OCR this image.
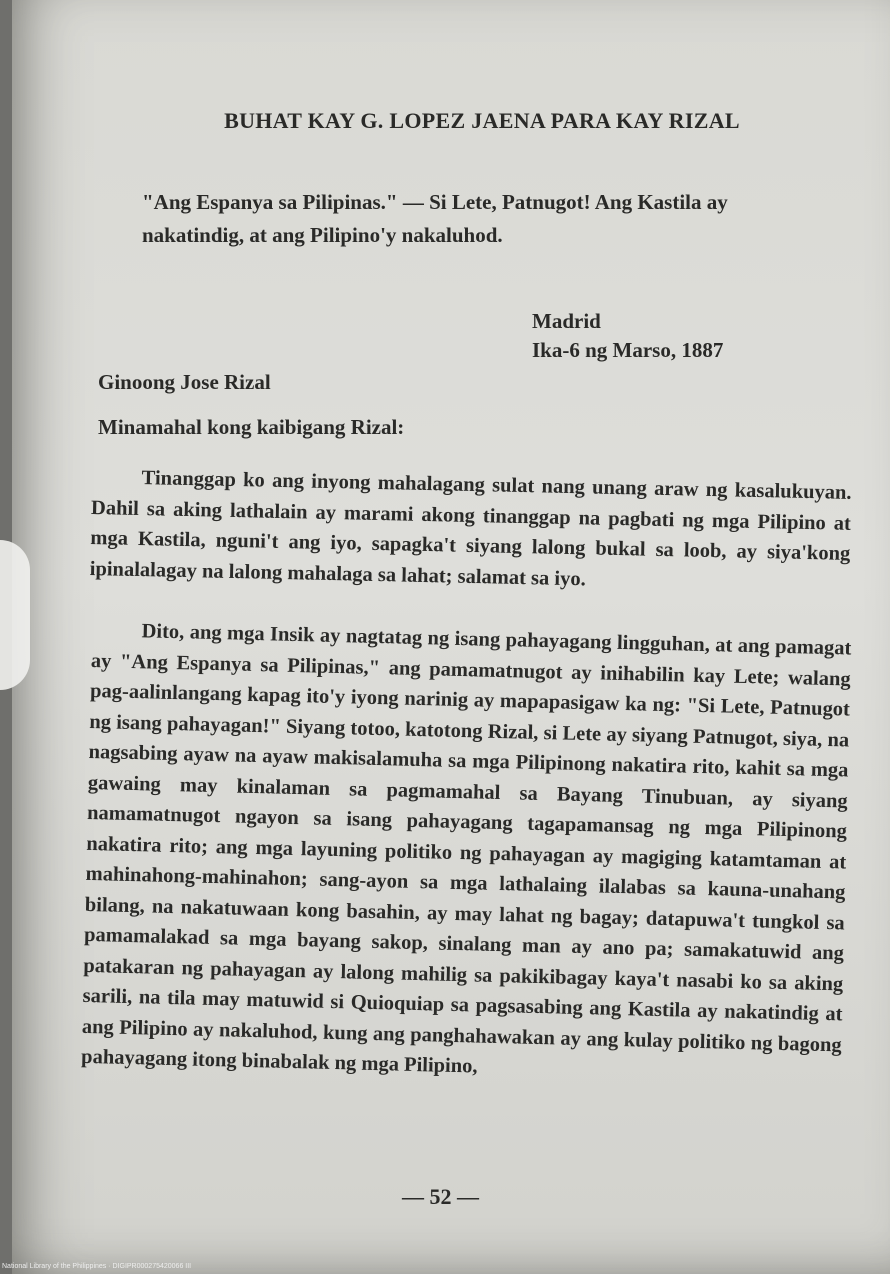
BUHAT KAY G. LOPEZ JAENA PARA KAY RIZAL
"Ang Espanya sa Pilipinas." — Si Lete, Patnugot! Ang Kastila ay nakatindig, at ang Pilipino'y nakaluhod.
Madrid
Ika-6 ng Marso, 1887
Ginoong Jose Rizal
Minamahal kong kaibigang Rizal:
Tinanggap ko ang inyong mahalagang sulat nang unang araw ng kasalukuyan. Dahil sa aking lathalain ay marami akong tinanggap na pagbati ng mga Pilipino at mga Kastila, nguni't ang iyo, sapagka't siyang lalong bukal sa loob, ay siya'kong ipinalalagay na lalong mahalaga sa lahat; salamat sa iyo.
Dito, ang mga Insik ay nagtatag ng isang pahayagang lingguhan, at ang pamagat ay "Ang Espanya sa Pilipinas," ang pamamatnugot ay inihabilin kay Lete; walang pag-aalinlangang kapag ito'y iyong narinig ay mapapasigaw ka ng: "Si Lete, Patnugot ng isang pahayagan!" Siyang totoo, katotong Rizal, si Lete ay siyang Patnugot, siya, na nagsabing ayaw na ayaw makisalamuha sa mga Pilipinong nakatira rito, kahit sa mga gawaing may kinalaman sa pagmamahal sa Bayang Tinubuan, ay siyang namamatnugot ngayon sa isang pahayagang tagapamansag ng mga Pilipinong nakatira rito; ang mga layuning politiko ng pahayagan ay magiging katamtaman at mahinahong-mahinahon; sang-ayon sa mga lathalaing ilalabas sa kauna-unahang bilang, na nakatuwaan kong basahin, ay may lahat ng bagay; datapuwa't tungkol sa pamamalakad sa mga bayang sakop, sinalang man ay ano pa; samakatuwid ang patakaran ng pahayagan ay lalong mahilig sa pakikibagay kaya't nasabi ko sa aking sarili, na tila may matuwid si Quioquiap sa pagsasabing ang Kastila ay nakatindig at ang Pilipino ay nakaluhod, kung ang panghahawakan ay ang kulay politiko ng bagong pahayagang itong binabalak ng mga Pilipino,
— 52 —
National Library of the Philippines · DIGIPR000275420066 III
